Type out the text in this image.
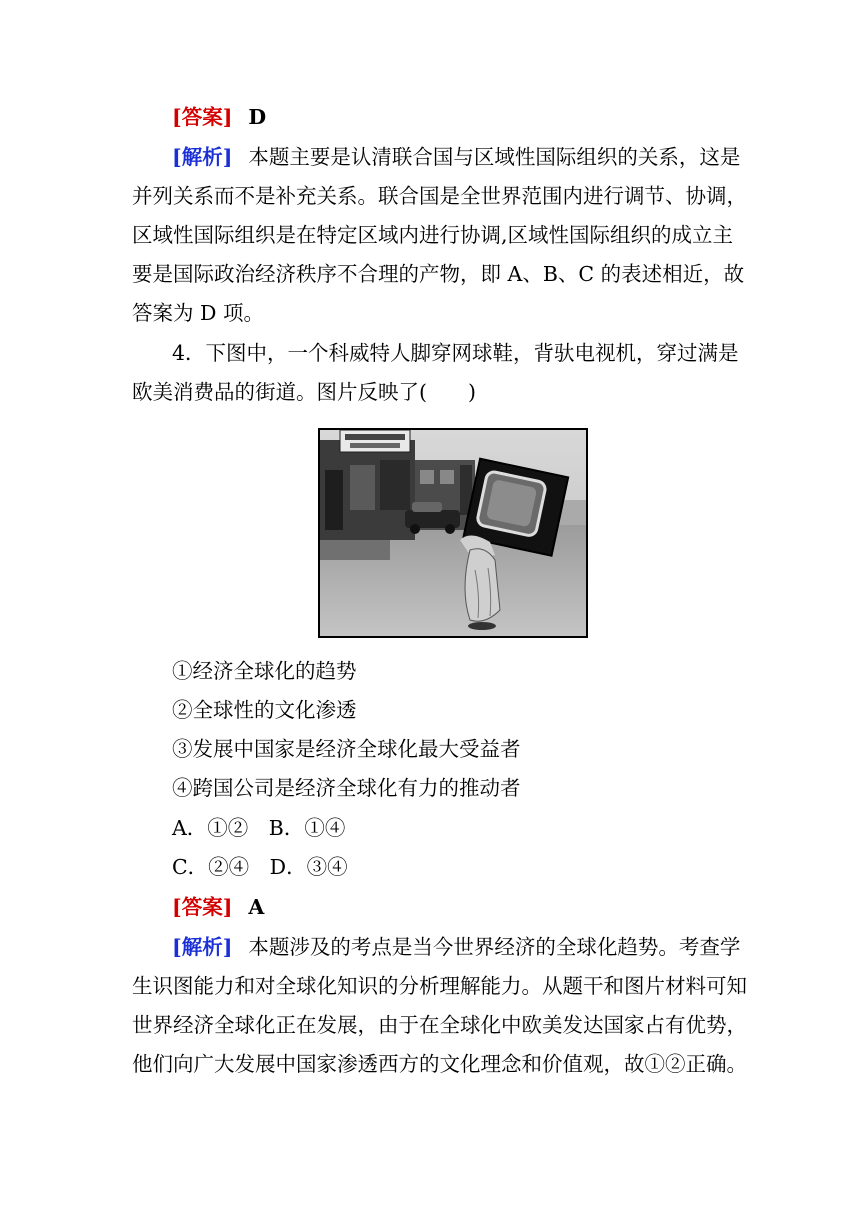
[答案] D
[解析] 本题主要是认清联合国与区域性国际组织的关系，这是
并列关系而不是补充关系。联合国是全世界范围内进行调节、协调，
区域性国际组织是在特定区域内进行协调,区域性国际组织的成立主
要是国际政治经济秩序不合理的产物，即 A、B、C 的表述相近，故
答案为 D 项。
4．下图中，一个科威特人脚穿网球鞋，背驮电视机，穿过满是
欧美消费品的街道。图片反映了(　　)
①经济全球化的趋势
②全球性的文化渗透
③发展中国家是经济全球化最大受益者
④跨国公司是经济全球化有力的推动者
A．①②　B．①④
C．②④　D．③④
[答案] A
[解析] 本题涉及的考点是当今世界经济的全球化趋势。考查学
生识图能力和对全球化知识的分析理解能力。从题干和图片材料可知
世界经济全球化正在发展，由于在全球化中欧美发达国家占有优势，
他们向广大发展中国家渗透西方的文化理念和价值观，故①②正确。
